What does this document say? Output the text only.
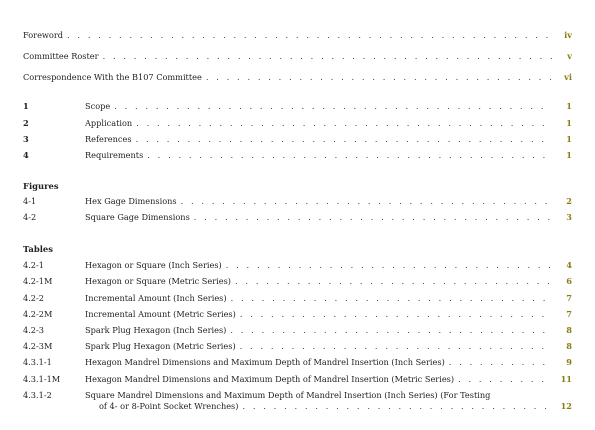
Foreword . . .	iv
Committee Roster . . .	v
Correspondence With the B107 Committee . . .	vi
1	Scope . . .	1
2	Application . . .	1
3	References . . .	1
4	Requirements . . .	1
Figures
4-1	Hex Gage Dimensions . . .	2
4-2	Square Gage Dimensions . . .	3
Tables
4.2-1	Hexagon or Square (Inch Series) . . .	4
4.2-1M	Hexagon or Square (Metric Series) . . .	6
4.2-2	Incremental Amount (Inch Series) . . .	7
4.2-2M	Incremental Amount (Metric Series) . . .	7
4.2-3	Spark Plug Hexagon (Inch Series) . . .	8
4.2-3M	Spark Plug Hexagon (Metric Series) . . .	8
4.3.1-1	Hexagon Mandrel Dimensions and Maximum Depth of Mandrel Insertion (Inch Series) . . .	9
4.3.1-1M	Hexagon Mandrel Dimensions and Maximum Depth of Mandrel Insertion (Metric Series) . . .	11
4.3.1-2	Square Mandrel Dimensions and Maximum Depth of Mandrel Insertion (Inch Series) (For Testing
of 4- or 8-Point Socket Wrenches) . . .	12
